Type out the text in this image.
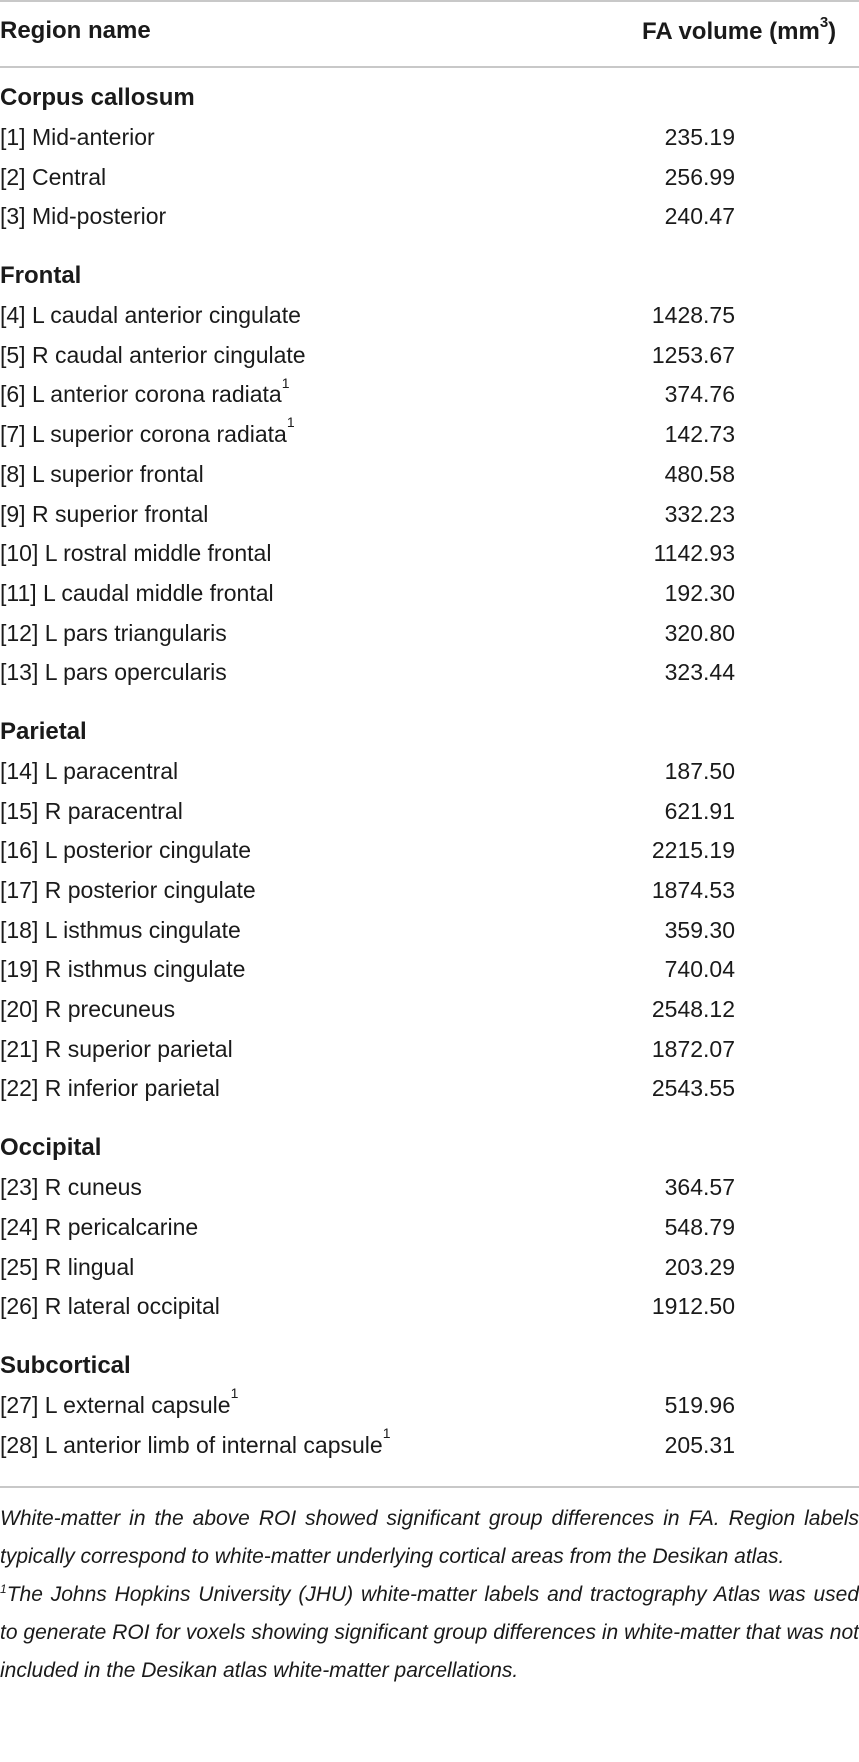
Region name	FA volume $(mm^3)$
Corpus callosum
[1] Mid-anterior	235.19
[2] Central	256.99
[3] Mid-posterior	240.47
Frontal
[4] L caudal anterior cingulate	1428.75
[5] R caudal anterior cingulate	1253.67
[6] L anterior corona radiata$^1$	374.76
[7] L superior corona radiata$^1$	142.73
[8] L superior frontal	480.58
[9] R superior frontal	332.23
[10] L rostral middle frontal	1142.93
[11] L caudal middle frontal	192.30
[12] L pars triangularis	320.80
[13] L pars opercularis	323.44
Parietal
[14] L paracentral	187.50
[15] R paracentral	621.91
[16] L posterior cingulate	2215.19
[17] R posterior cingulate	1874.53
[18] L isthmus cingulate	359.30
[19] R isthmus cingulate	740.04
[20] R precuneus	2548.12
[21] R superior parietal	1872.07
[22] R inferior parietal	2543.55
Occipital
[23] R cuneus	364.57
[24] R pericalcarine	548.79
[25] R lingual	203.29
[26] R lateral occipital	1912.50
Subcortical
[27] L external capsule$^1$	519.96
[28] L anterior limb of internal capsule$^1$	205.31

White-matter in the above ROI showed significant group differences in FA. Region labels typically correspond to white-matter underlying cortical areas from the Desikan atlas.

$^1$The Johns Hopkins University (JHU) white-matter labels and tractography Atlas was used to generate ROI for voxels showing significant group differences in white-matter that was not included in the Desikan atlas white-matter parcellations.
